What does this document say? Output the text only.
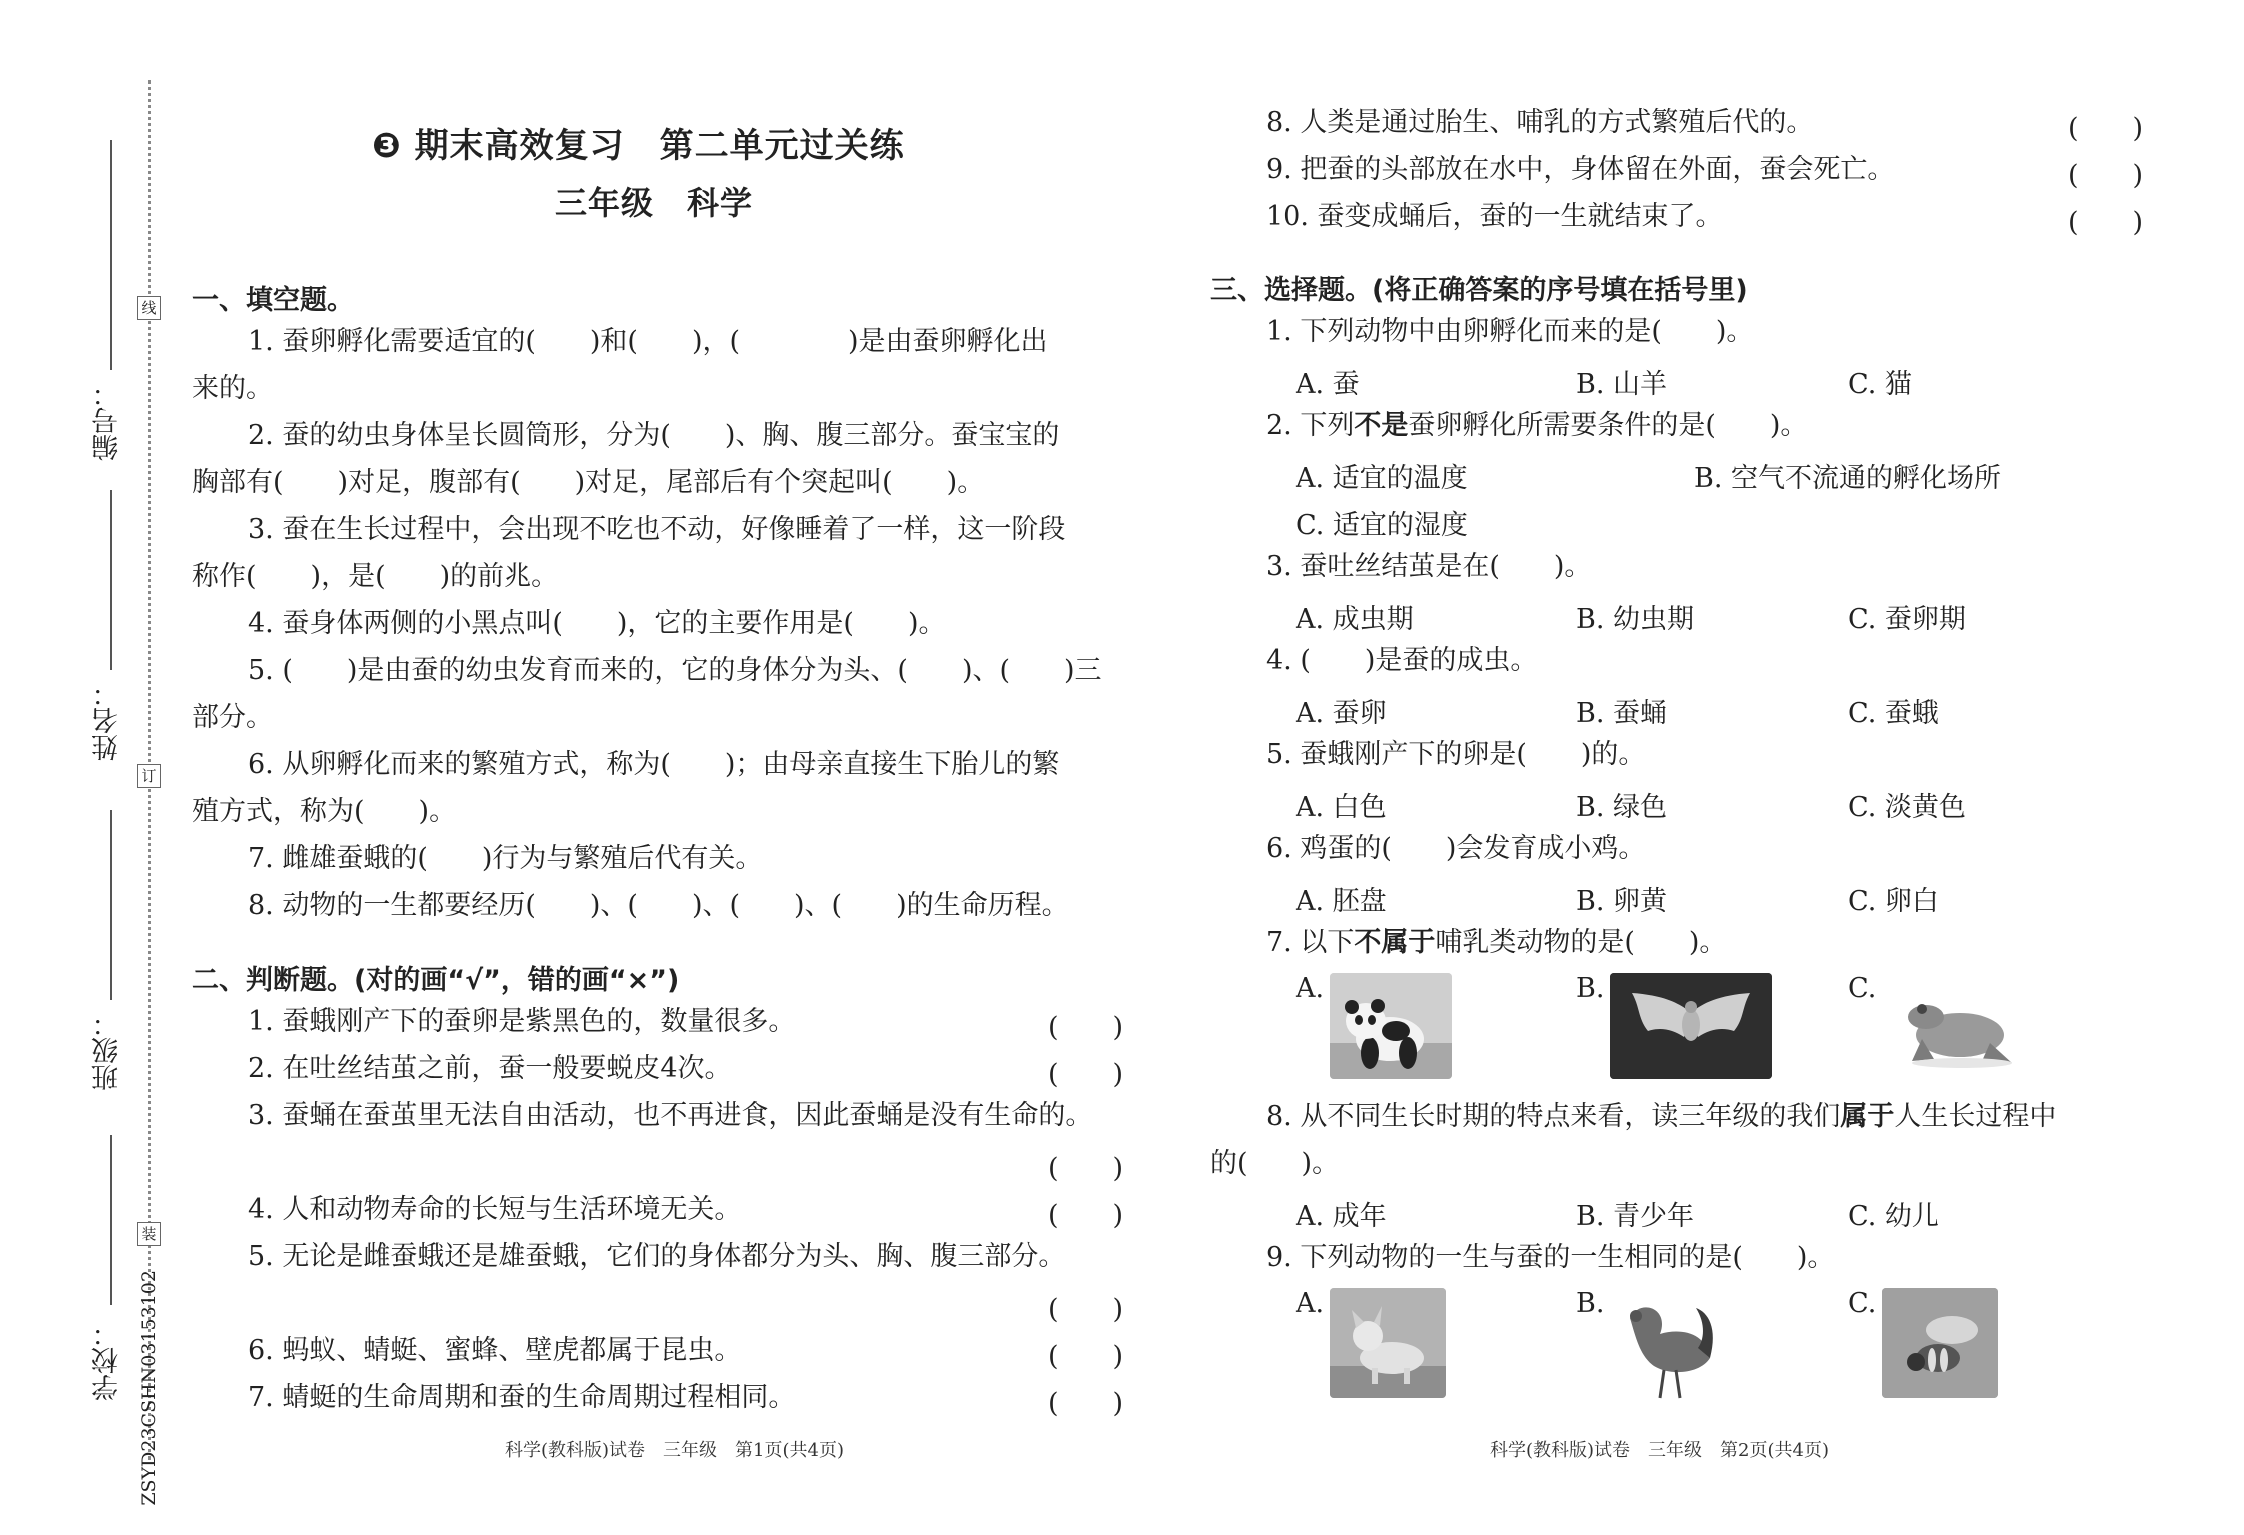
线
订
装
编号：
姓名：
班级：
学校： ZSYD23CSHN03153102
❸ 期末高效复习　第二单元过关练
三年级　科学
一、填空题。
1. 蚕卵孵化需要适宜的(　　)和(　　)，(　　　　)是由蚕卵孵化出
来的。
2. 蚕的幼虫身体呈长圆筒形，分为(　　)、胸、腹三部分。蚕宝宝的
胸部有(　　)对足，腹部有(　　)对足，尾部后有个突起叫(　　)。
3. 蚕在生长过程中，会出现不吃也不动，好像睡着了一样，这一阶段
称作(　　)，是(　　)的前兆。
4. 蚕身体两侧的小黑点叫(　　)，它的主要作用是(　　)。
5. (　　)是由蚕的幼虫发育而来的，它的身体分为头、(　　)、(　　)三
部分。
6. 从卵孵化而来的繁殖方式，称为(　　)；由母亲直接生下胎儿的繁
殖方式，称为(　　)。
7. 雌雄蚕蛾的(　　)行为与繁殖后代有关。
8. 动物的一生都要经历(　　)、(　　)、(　　)、(　　)的生命历程。
二、判断题。(对的画“√”，错的画“×”)
1. 蚕蛾刚产下的蚕卵是紫黑色的，数量很多。	(　　)
2. 在吐丝结茧之前，蚕一般要蜕皮4次。	(　　)
3. 蚕蛹在蚕茧里无法自由活动，也不再进食，因此蚕蛹是没有生命的。
(　　)
4. 人和动物寿命的长短与生活环境无关。	(　　)
5. 无论是雌蚕蛾还是雄蚕蛾，它们的身体都分为头、胸、腹三部分。
(　　)
6. 蚂蚁、蜻蜓、蜜蜂、壁虎都属于昆虫。	(　　)
7. 蜻蜓的生命周期和蚕的生命周期过程相同。	(　　)
科学(教科版)试卷　三年级　第1页(共4页)
8. 人类是通过胎生、哺乳的方式繁殖后代的。	(　　)
9. 把蚕的头部放在水中，身体留在外面，蚕会死亡。	(　　)
10. 蚕变成蛹后，蚕的一生就结束了。	(　　)
三、选择题。(将正确答案的序号填在括号里)
1. 下列动物中由卵孵化而来的是(　　)。
A. 蚕	B. 山羊	C. 猫
2. 下列不是蚕卵孵化所需要条件的是(　　)。
A. 适宜的温度	B. 空气不流通的孵化场所
C. 适宜的湿度
3. 蚕吐丝结茧是在(　　)。
A. 成虫期	B. 幼虫期	C. 蚕卵期
4. (　　)是蚕的成虫。
A. 蚕卵	B. 蚕蛹	C. 蚕蛾
5. 蚕蛾刚产下的卵是(　　)的。
A. 白色	B. 绿色	C. 淡黄色
6. 鸡蛋的(　　)会发育成小鸡。
A. 胚盘	B. 卵黄	C. 卵白
7. 以下不属于哺乳类动物的是(　　)。
A.	B.	C.
8. 从不同生长时期的特点来看，读三年级的我们属于人生长过程中
的(　　)。
A. 成年	B. 青少年	C. 幼儿
9. 下列动物的一生与蚕的一生相同的是(　　)。
A.	B.	C.
科学(教科版)试卷　三年级　第2页(共4页)
